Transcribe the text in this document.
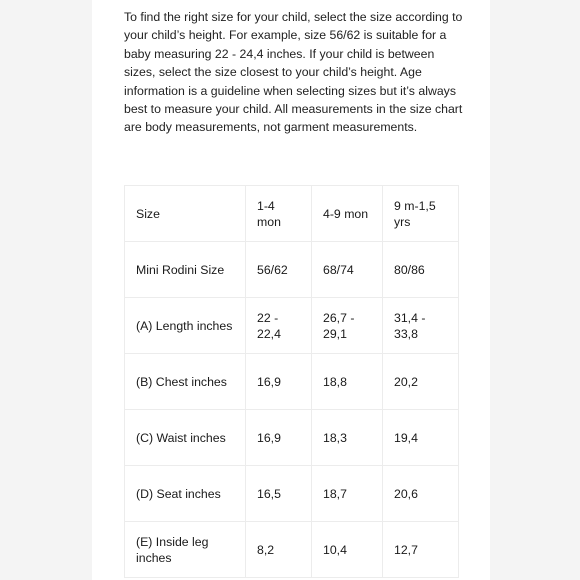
To find the right size for your child, select the size according to your child’s height. For example, size 56/62 is suitable for a baby measuring 22 - 24,4 inches. If your child is between sizes, select the size closest to your child’s height. Age information is a guideline when selecting sizes but it’s always best to measure your child. All measurements in the size chart are body measurements, not garment measurements.

Size	1-4 mon	4-9 mon	9 m-1,5 yrs
Mini Rodini Size	56/62	68/74	80/86
(A) Length inches	22 - 22,4	26,7 - 29,1	31,4 - 33,8
(B) Chest inches	16,9	18,8	20,2
(C) Waist inches	16,9	18,3	19,4
(D) Seat inches	16,5	18,7	20,6
(E) Inside leg inches	8,2	10,4	12,7
